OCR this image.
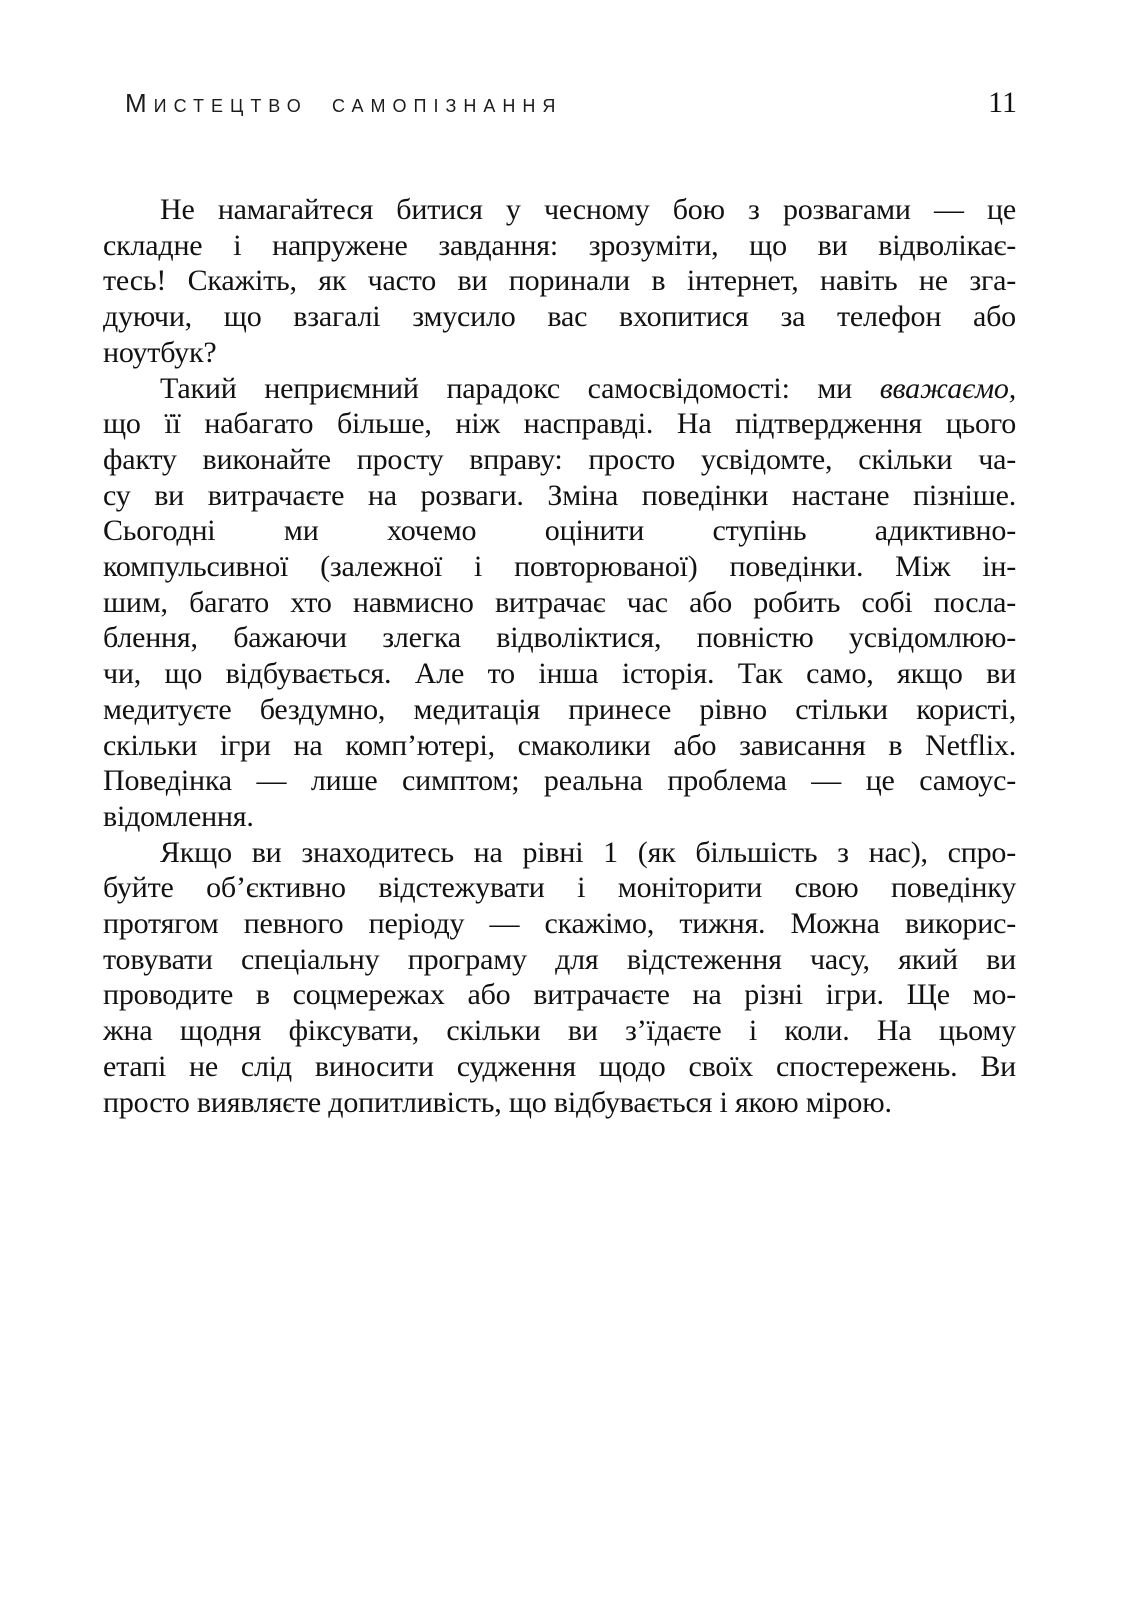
Мистецтво самопізнання	11
Не намагайтеся битися у чесному бою з розвагами — це
складне і напружене завдання: зрозуміти, що ви відволікає-
тесь! Скажіть, як часто ви поринали в інтернет, навіть не зга-
дуючи, що взагалі змусило вас вхопитися за телефон або
ноутбук?
Такий неприємний парадокс самосвідомості: ми вважаємо,
що її набагато більше, ніж насправді. На підтвердження цього
факту виконайте просту вправу: просто усвідомте, скільки ча-
су ви витрачаєте на розваги. Зміна поведінки настане пізніше.
Сьогодні ми хочемо оцінити ступінь адиктивно-
компульсивної (залежної і повторюваної) поведінки. Між ін-
шим, багато хто навмисно витрачає час або робить собі посла-
блення, бажаючи злегка відволіктися, повністю усвідомлюю-
чи, що відбувається. Але то інша історія. Так само, якщо ви
медитуєте бездумно, медитація принесе рівно стільки користі,
скільки ігри на комп’ютері, смаколики або зависання в Netflix.
Поведінка — лише симптом; реальна проблема — це самоус-
відомлення.
Якщо ви знаходитесь на рівні 1 (як більшість з нас), спро-
буйте об’єктивно відстежувати і моніторити свою поведінку
протягом певного періоду — скажімо, тижня. Можна викорис-
товувати спеціальну програму для відстеження часу, який ви
проводите в соцмережах або витрачаєте на різні ігри. Ще мо-
жна щодня фіксувати, скільки ви з’їдаєте і коли. На цьому
етапі не слід виносити судження щодо своїх спостережень. Ви
просто виявляєте допитливість, що відбувається і якою мірою.
